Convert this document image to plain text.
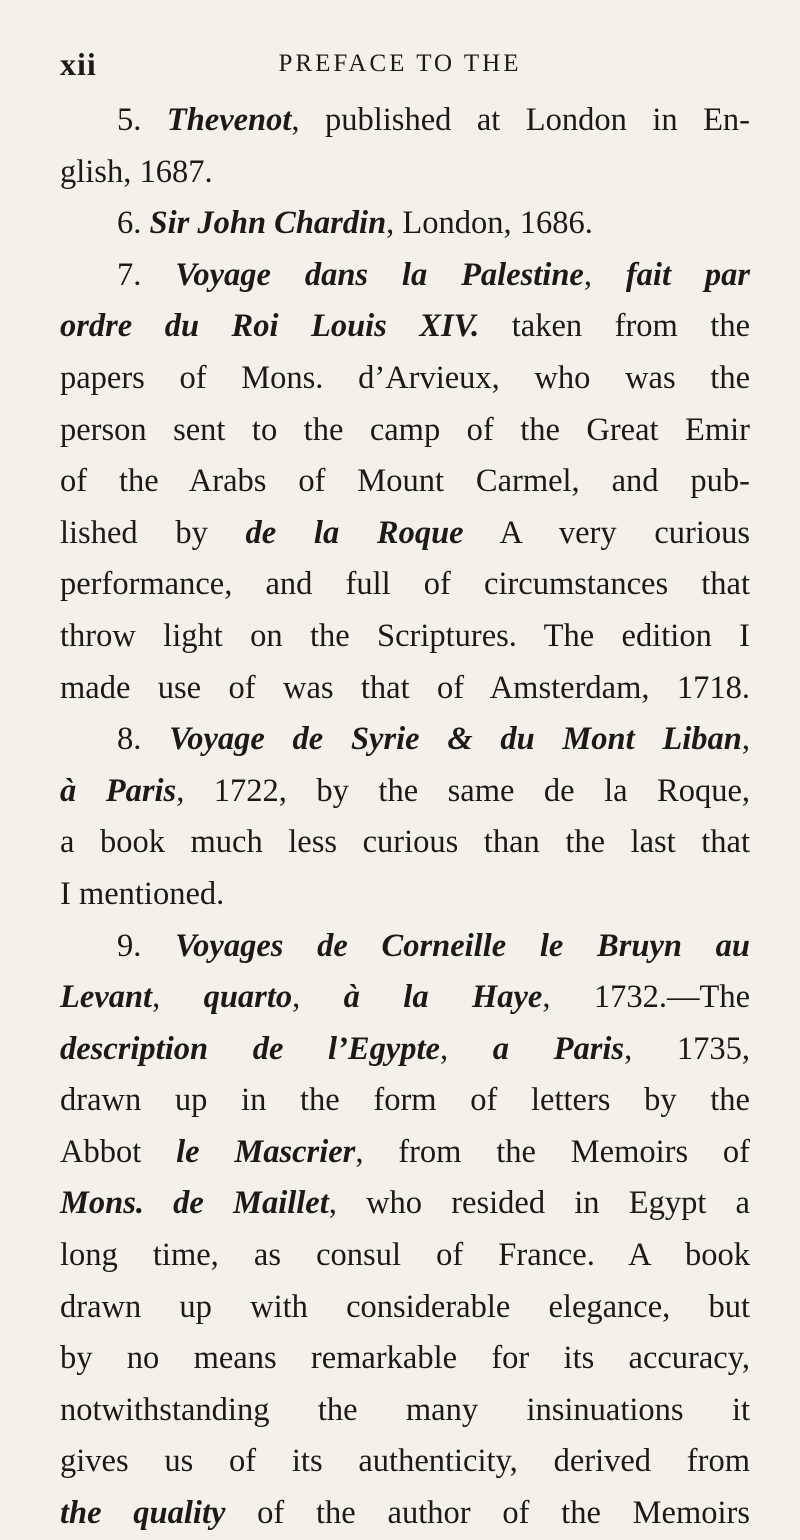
xii	PREFACE TO THE
5. Thevenot, published at London in En-
glish, 1687.
6. Sir John Chardin, London, 1686.
7. Voyage dans la Palestine, fait par
ordre du Roi Louis XIV. taken from the
papers of Mons. d’Arvieux, who was the
person sent to the camp of the Great Emir
of the Arabs of Mount Carmel, and pub-
lished by de la Roque A very curious
performance, and full of circumstances that
throw light on the Scriptures. The edition I
made use of was that of Amsterdam, 1718.
8. Voyage de Syrie & du Mont Liban,
à Paris, 1722, by the same de la Roque,
a book much less curious than the last that
I mentioned.
9. Voyages de Corneille le Bruyn au
Levant, quarto, à la Haye, 1732.—The
description de l’Egypte, a Paris, 1735,
drawn up in the form of letters by the
Abbot le Mascrier, from the Memoirs of
Mons. de Maillet, who resided in Egypt a
long time, as consul of France. A book
drawn up with considerable elegance, but
by no means remarkable for its accuracy,
notwithstanding the many insinuations it
gives us of its authenticity, derived from
the quality of the author of the Memoirs
